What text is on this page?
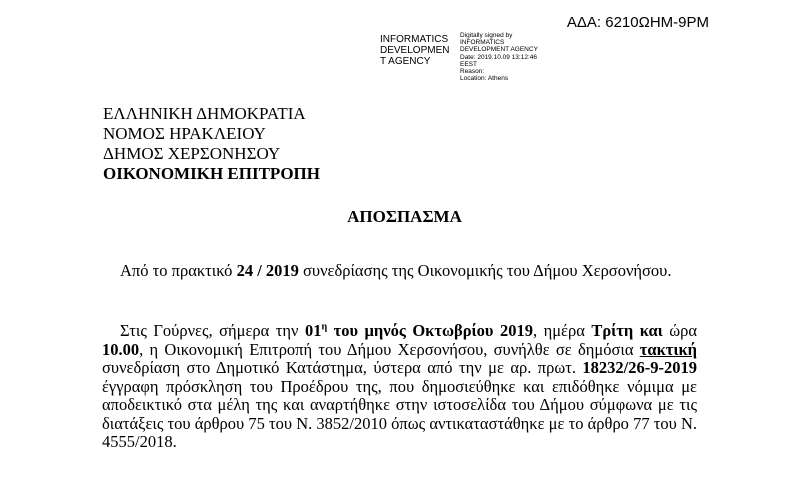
ΑΔΑ: 6210ΩΗΜ-9ΡΜ
INFORMATICS
DEVELOPMEN
T AGENCY
Digitally signed by
INFORMATICS
DEVELOPMENT AGENCY
Date: 2019.10.09 13:12:46
EEST
Reason:
Location: Athens
ΕΛΛΗΝΙΚΗ ΔΗΜΟΚΡΑΤΙΑ
ΝΟΜΟΣ ΗΡΑΚΛΕΙΟΥ
ΔΗΜΟΣ ΧΕΡΣΟΝΗΣΟΥ
ΟΙΚΟΝΟΜΙΚΗ ΕΠΙΤΡΟΠΗ
ΑΠΟΣΠΑΣΜΑ
Από το πρακτικό 24 / 2019 συνεδρίασης της Οικονομικής του Δήμου Χερσονήσου.
Στις Γούρνες, σήμερα την $01^\eta$ του μηνός Οκτωβρίου 2019, ημέρα Τρίτη και ώρα 10.00, η Οικονομική Επιτροπή του Δήμου Χερσονήσου, συνήλθε σε δημόσια τακτική συνεδρίαση στο Δημοτικό Κατάστημα, ύστερα από την με αρ. πρωτ. 18232/26-9-2019 έγγραφη πρόσκληση του Προέδρου της, που δημοσιεύθηκε και επιδόθηκε νόμιμα με αποδεικτικό στα μέλη της και αναρτήθηκε στην ιστοσελίδα του Δήμου σύμφωνα με τις διατάξεις του άρθρου 75 του Ν. 3852/2010 όπως αντικαταστάθηκε με το άρθρο 77 του Ν. 4555/2018.
